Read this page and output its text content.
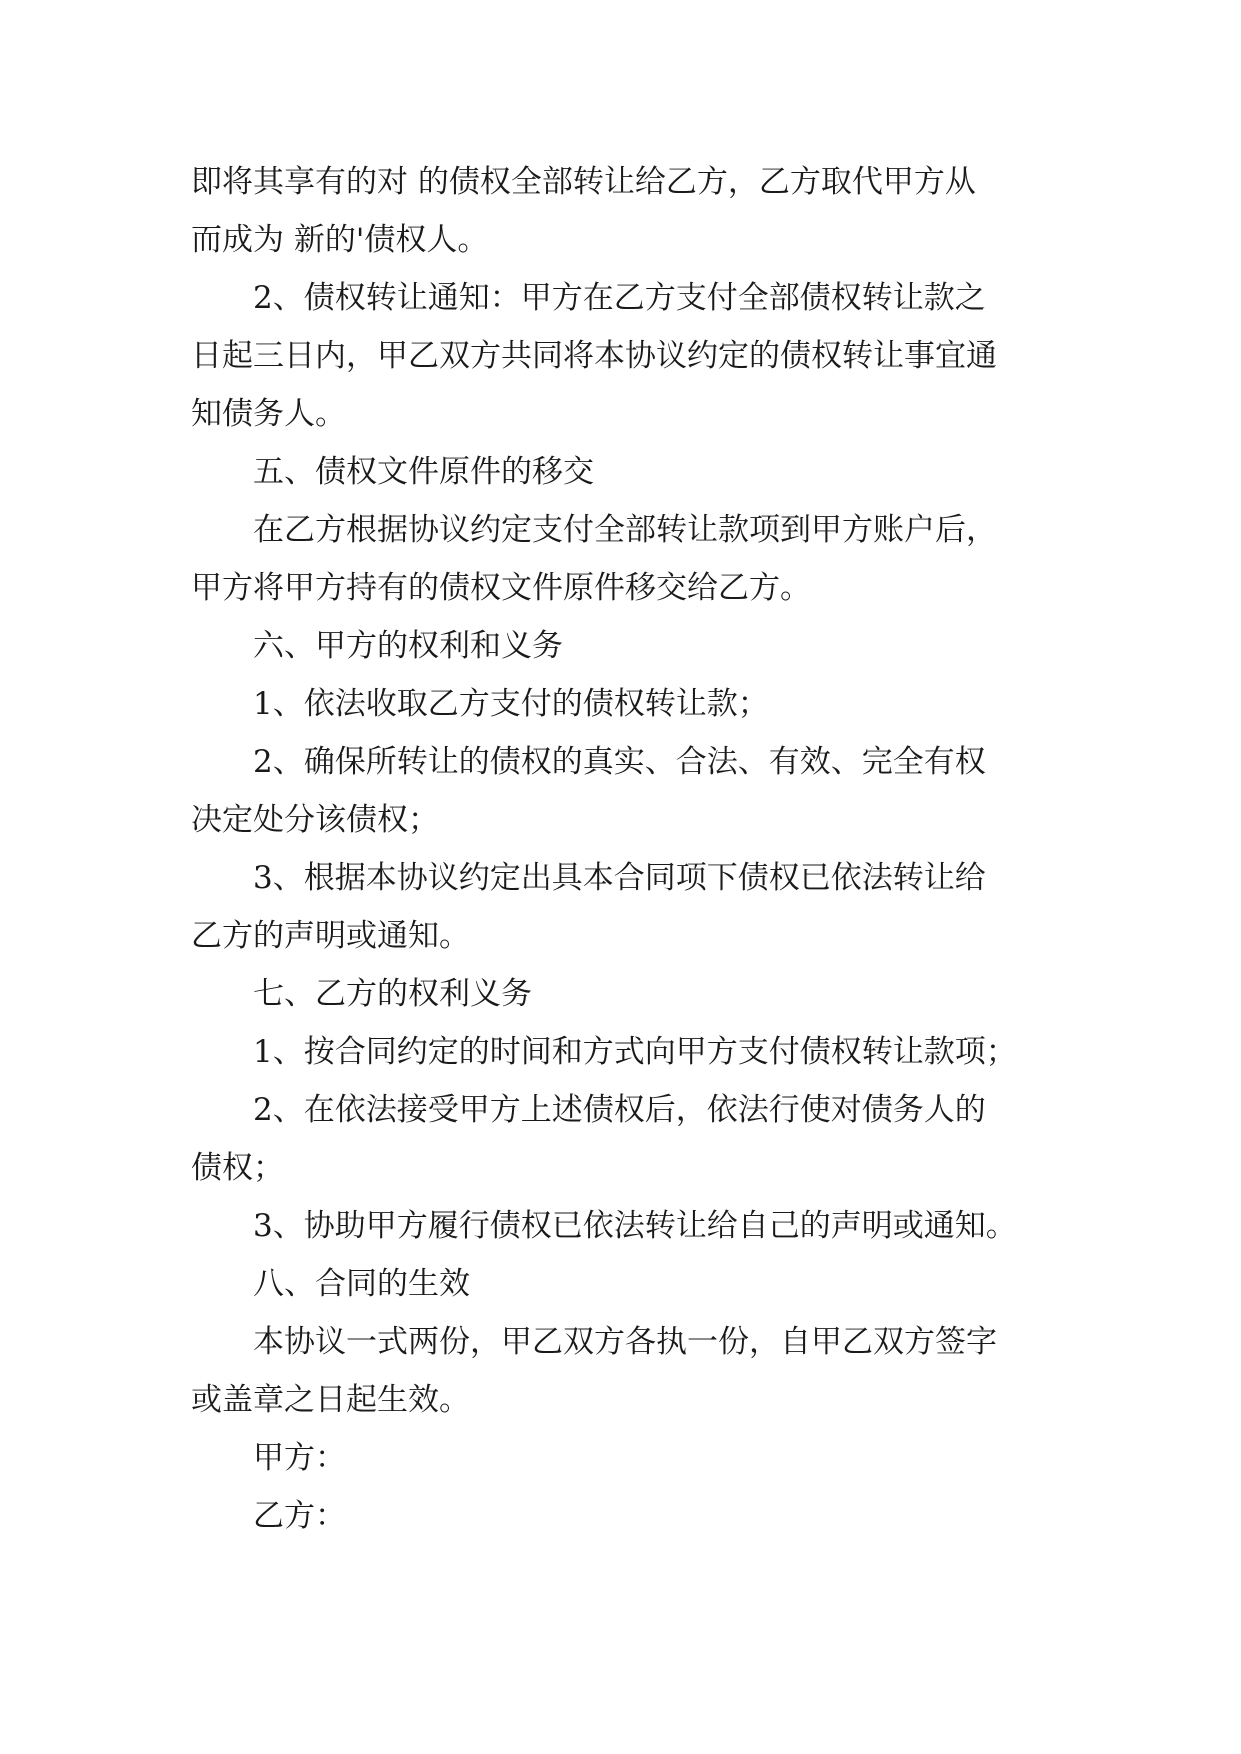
即将其享有的对 的债权全部转让给乙方，乙方取代甲方从
而成为 新的'债权人。
2、债权转让通知：甲方在乙方支付全部债权转让款之
日起三日内，甲乙双方共同将本协议约定的债权转让事宜通
知债务人。
五、债权文件原件的移交
在乙方根据协议约定支付全部转让款项到甲方账户后，
甲方将甲方持有的债权文件原件移交给乙方。
六、甲方的权利和义务
1、依法收取乙方支付的债权转让款；
2、确保所转让的债权的真实、合法、有效、完全有权
决定处分该债权；
3、根据本协议约定出具本合同项下债权已依法转让给
乙方的声明或通知。
七、乙方的权利义务
1、按合同约定的时间和方式向甲方支付债权转让款项；
2、在依法接受甲方上述债权后，依法行使对债务人的
债权；
3、协助甲方履行债权已依法转让给自己的声明或通知。
八、合同的生效
本协议一式两份，甲乙双方各执一份，自甲乙双方签字
或盖章之日起生效。
甲方：
乙方：
